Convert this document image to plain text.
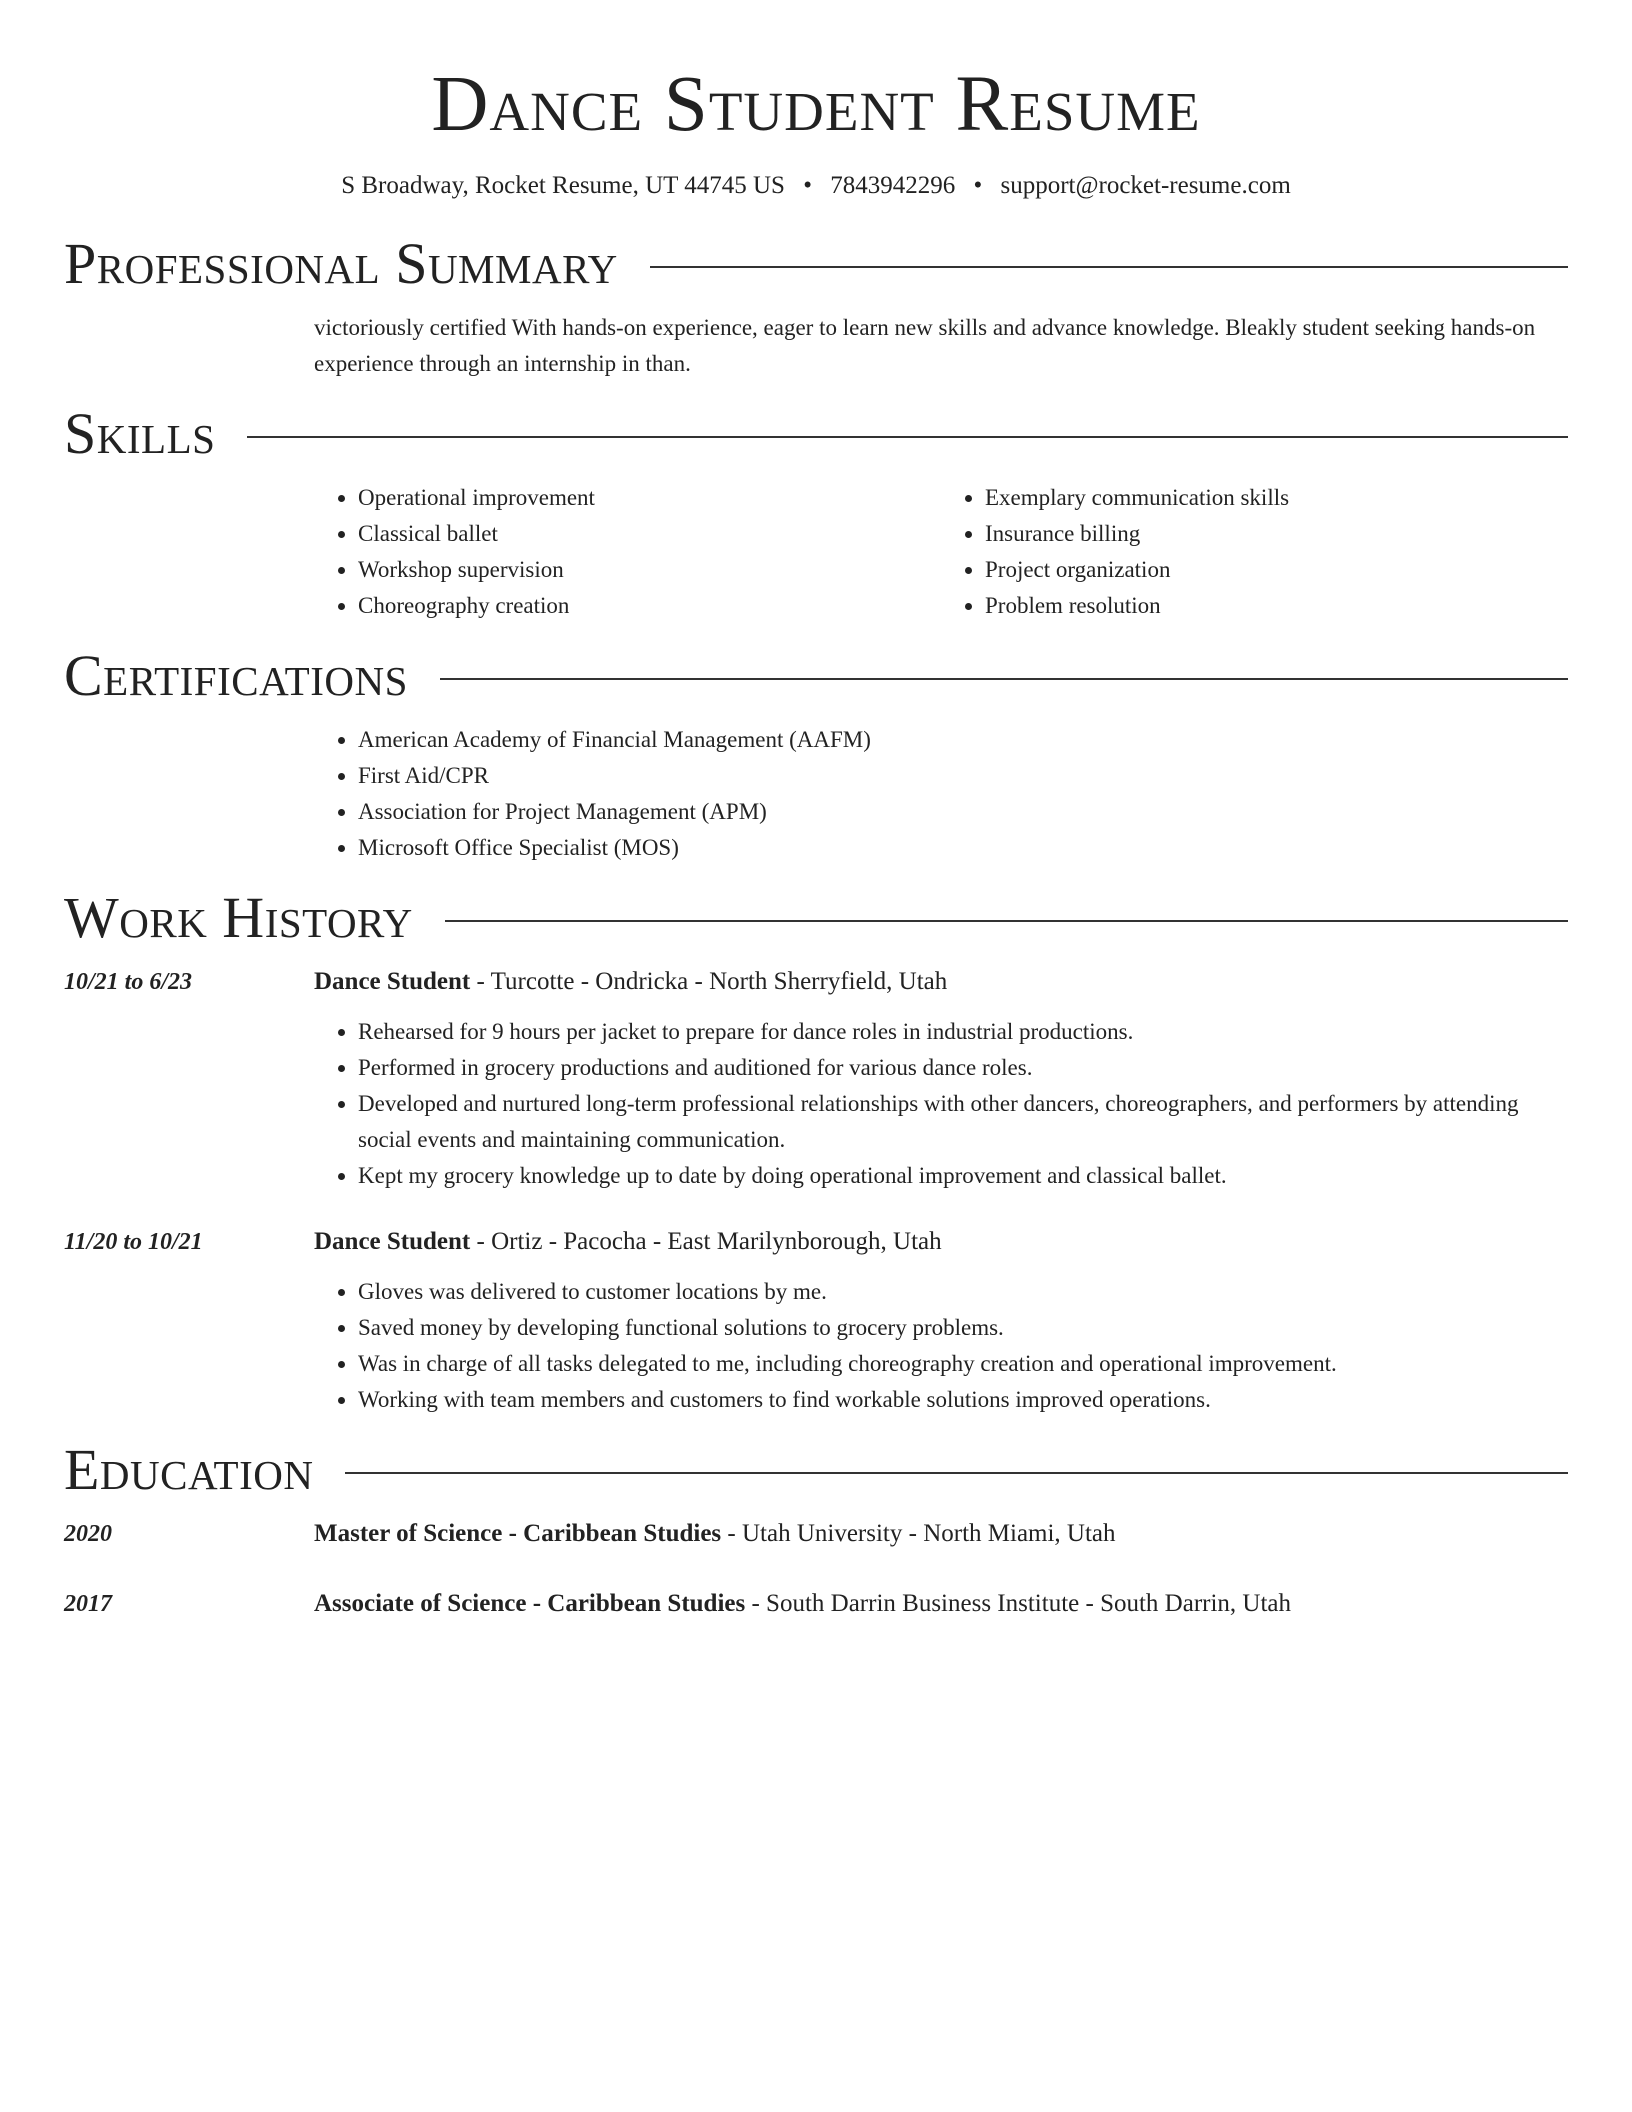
Dance Student Resume
S Broadway, Rocket Resume, UT 44745 US • 7843942296 • support@rocket-resume.com
Professional Summary
victoriously certified With hands-on experience, eager to learn new skills and advance knowledge. Bleakly student seeking hands-on experience through an internship in than.
Skills
• Operational improvement
• Classical ballet
• Workshop supervision
• Choreography creation
• Exemplary communication skills
• Insurance billing
• Project organization
• Problem resolution
Certifications
• American Academy of Financial Management (AAFM)
• First Aid/CPR
• Association for Project Management (APM)
• Microsoft Office Specialist (MOS)
Work History
10/21 to 6/23	Dance Student - Turcotte - Ondricka - North Sherryfield, Utah
• Rehearsed for 9 hours per jacket to prepare for dance roles in industrial productions.
• Performed in grocery productions and auditioned for various dance roles.
• Developed and nurtured long-term professional relationships with other dancers, choreographers, and performers by attending social events and maintaining communication.
• Kept my grocery knowledge up to date by doing operational improvement and classical ballet.
11/20 to 10/21	Dance Student - Ortiz - Pacocha - East Marilynborough, Utah
• Gloves was delivered to customer locations by me.
• Saved money by developing functional solutions to grocery problems.
• Was in charge of all tasks delegated to me, including choreography creation and operational improvement.
• Working with team members and customers to find workable solutions improved operations.
Education
2020	Master of Science - Caribbean Studies - Utah University - North Miami, Utah
2017	Associate of Science - Caribbean Studies - South Darrin Business Institute - South Darrin, Utah
